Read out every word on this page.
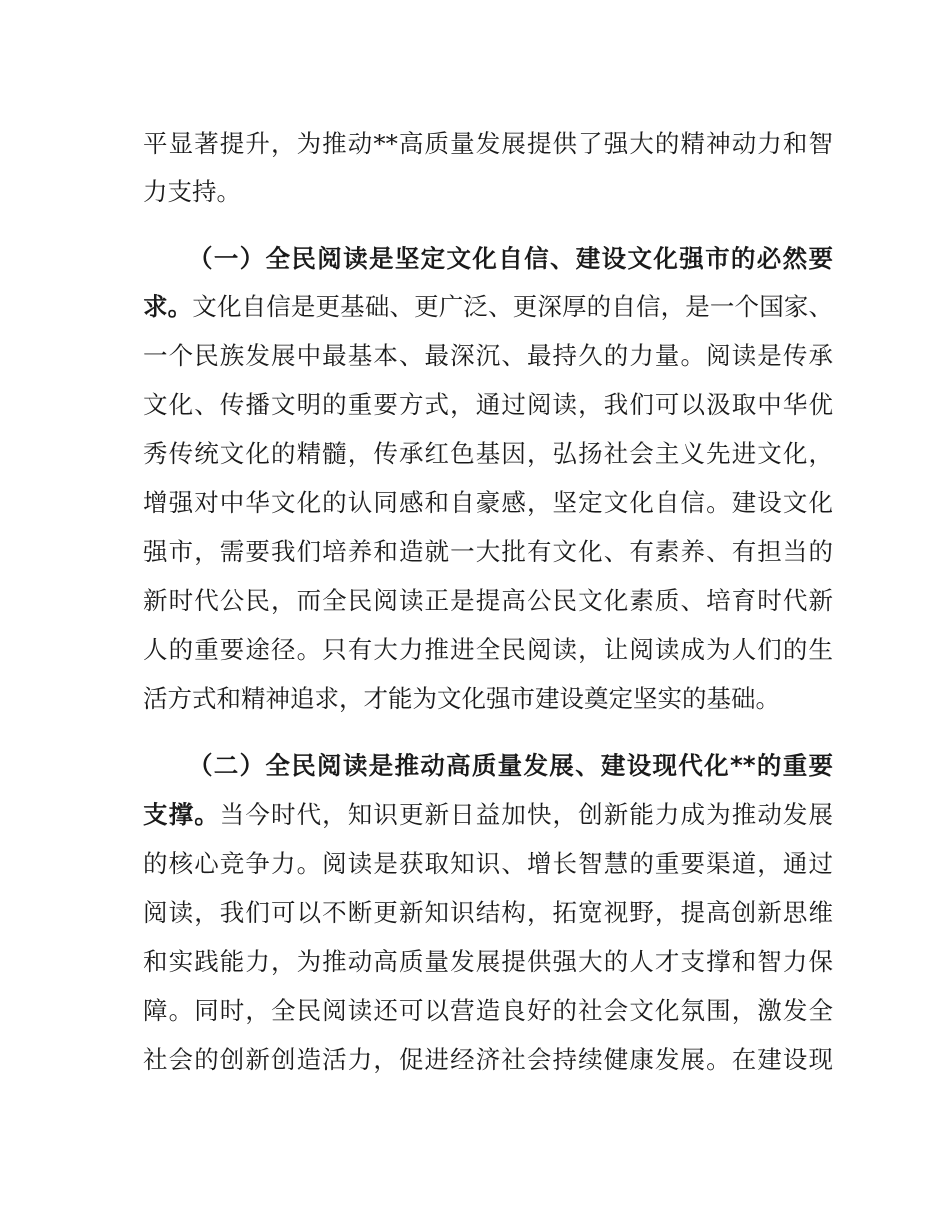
平显著提升，为推动**高质量发展提供了强大的精神动力和智
力支持。
（一）全民阅读是坚定文化自信、建设文化强市的必然要
求。文化自信是更基础、更广泛、更深厚的自信，是一个国家、
一个民族发展中最基本、最深沉、最持久的力量。阅读是传承
文化、传播文明的重要方式，通过阅读，我们可以汲取中华优
秀传统文化的精髓，传承红色基因，弘扬社会主义先进文化，
增强对中华文化的认同感和自豪感，坚定文化自信。建设文化
强市，需要我们培养和造就一大批有文化、有素养、有担当的
新时代公民，而全民阅读正是提高公民文化素质、培育时代新
人的重要途径。只有大力推进全民阅读，让阅读成为人们的生
活方式和精神追求，才能为文化强市建设奠定坚实的基础。
（二）全民阅读是推动高质量发展、建设现代化**的重要
支撑。当今时代，知识更新日益加快，创新能力成为推动发展
的核心竞争力。阅读是获取知识、增长智慧的重要渠道，通过
阅读，我们可以不断更新知识结构，拓宽视野，提高创新思维
和实践能力，为推动高质量发展提供强大的人才支撑和智力保
障。同时，全民阅读还可以营造良好的社会文化氛围，激发全
社会的创新创造活力，促进经济社会持续健康发展。在建设现
